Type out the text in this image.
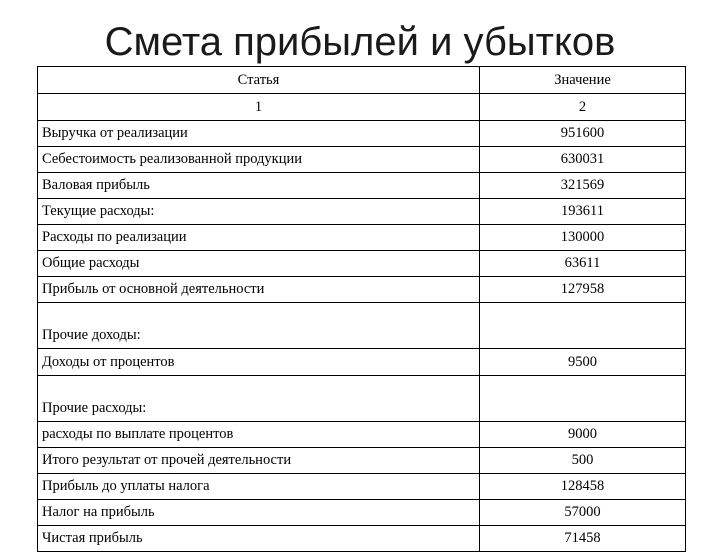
Смета прибылей и убытков
Статья	Значение
1	2
Выручка от реализации	951600
Себестоимость реализованной продукции	630031
Валовая прибыль	321569
Текущие расходы:	193611
Расходы по реализации	130000
Общие расходы	63611
Прибыль от основной деятельности	127958
Прочие доходы:	
Доходы от процентов	9500
Прочие расходы:	
расходы по выплате процентов	9000
Итого результат от прочей деятельности	500
Прибыль до уплаты налога	128458
Налог на прибыль	57000
Чистая прибыль	71458
